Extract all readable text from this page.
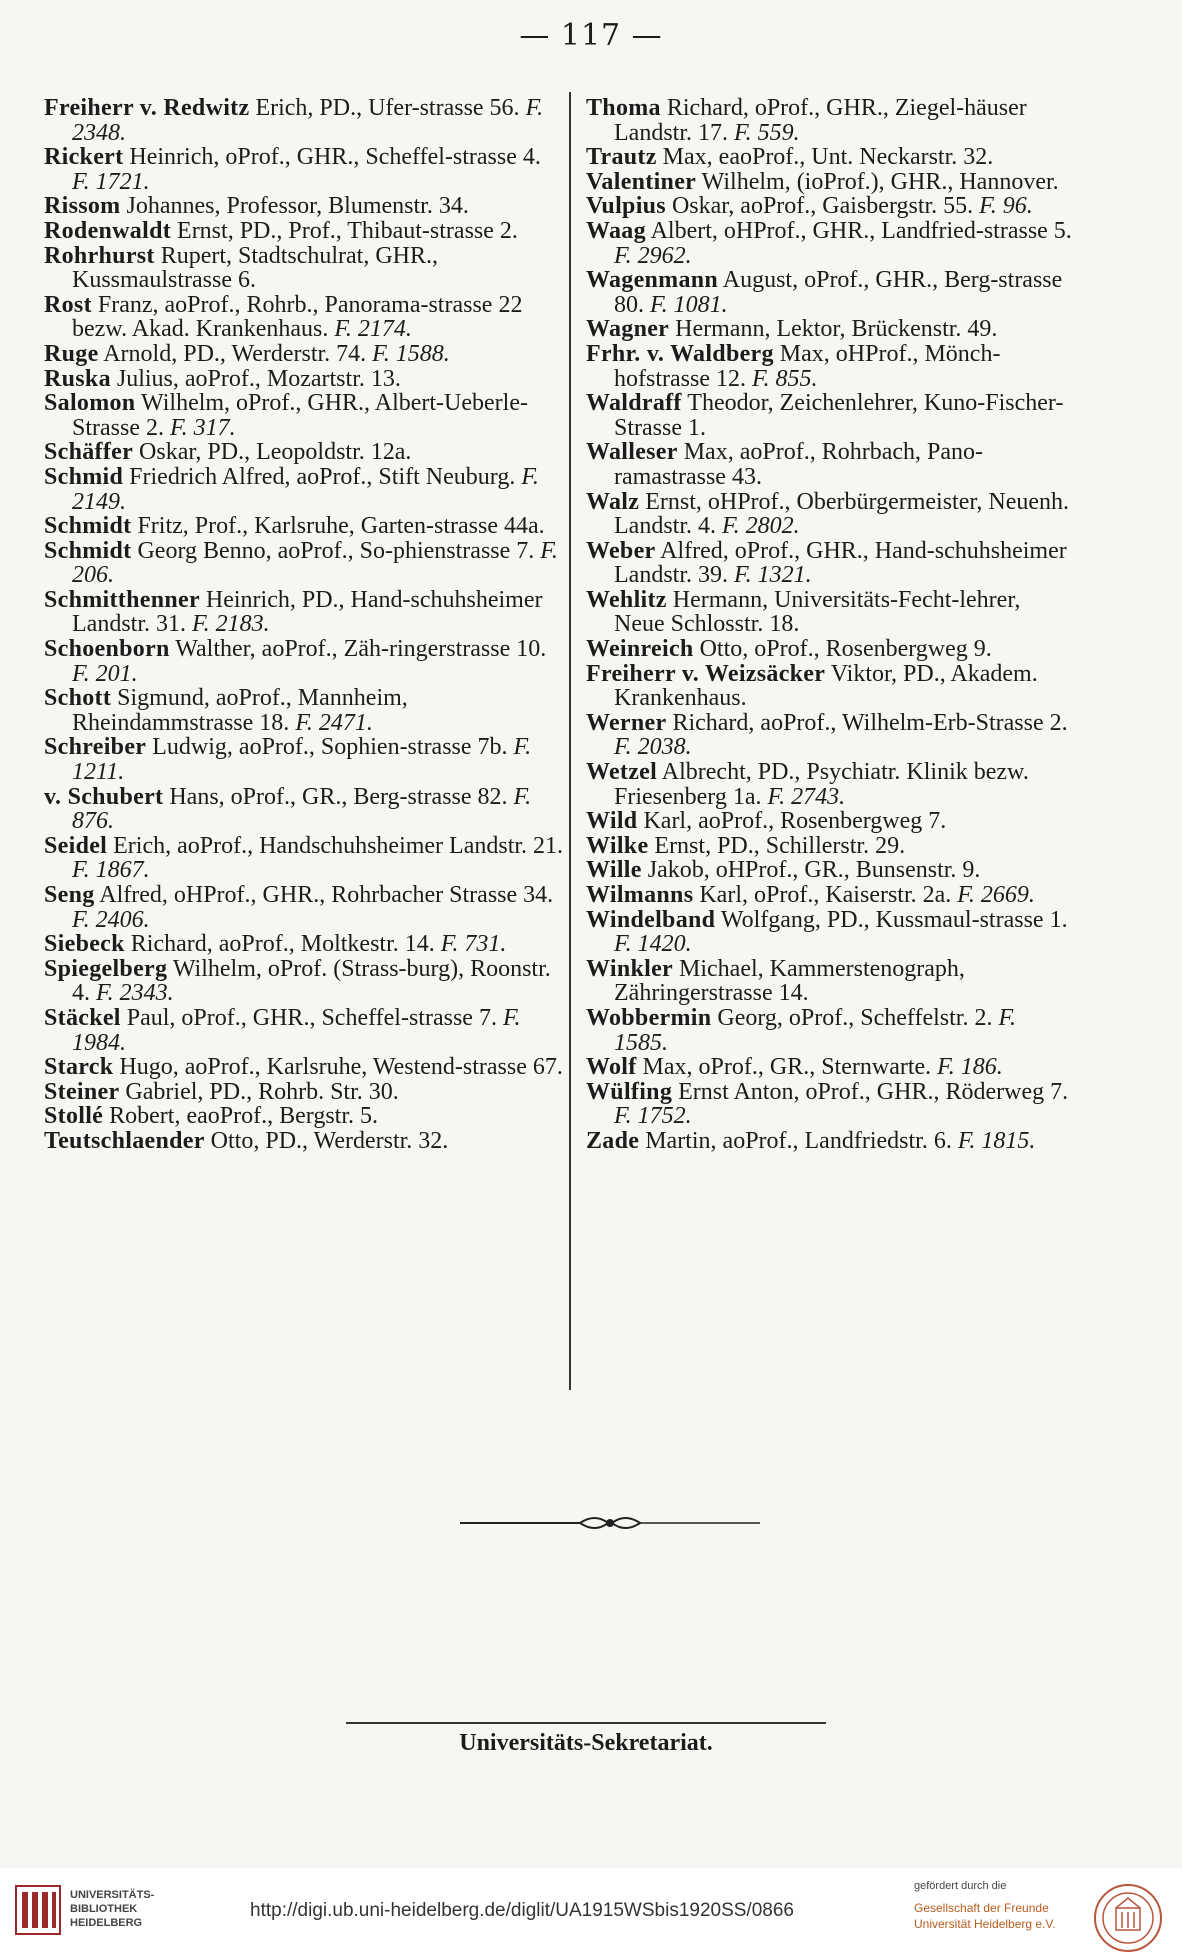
— 117 —
Freiherr v. Redwitz Erich, PD., Ufer-strasse 56. F. 2348.
Rickert Heinrich, oProf., GHR., Scheffel-strasse 4. F. 1721.
Rissom Johannes, Professor, Blumenstr. 34.
Rodenwaldt Ernst, PD., Prof., Thibaut-strasse 2.
Rohrhurst Rupert, Stadtschulrat, GHR., Kussmaulstrasse 6.
Rost Franz, aoProf., Rohrb., Panorama-strasse 22 bezw. Akad. Krankenhaus. F. 2174.
Ruge Arnold, PD., Werderstr. 74. F. 1588.
Ruska Julius, aoProf., Mozartstr. 13.
Salomon Wilhelm, oProf., GHR., Albert-Ueberle-Strasse 2. F. 317.
Schäffer Oskar, PD., Leopoldstr. 12a.
Schmid Friedrich Alfred, aoProf., Stift Neuburg. F. 2149.
Schmidt Fritz, Prof., Karlsruhe, Garten-strasse 44a.
Schmidt Georg Benno, aoProf., So-phienstrasse 7. F. 206.
Schmitthenner Heinrich, PD., Hand-schuhsheimer Landstr. 31. F. 2183.
Schoenborn Walther, aoProf., Zäh-ringerstrasse 10. F. 201.
Schott Sigmund, aoProf., Mannheim, Rheindammstrasse 18. F. 2471.
Schreiber Ludwig, aoProf., Sophien-strasse 7b. F. 1211.
v. Schubert Hans, oProf., GR., Berg-strasse 82. F. 876.
Seidel Erich, aoProf., Handschuhsheimer Landstr. 21. F. 1867.
Seng Alfred, oHProf., GHR., Rohrbacher Strasse 34. F. 2406.
Siebeck Richard, aoProf., Moltkestr. 14. F. 731.
Spiegelberg Wilhelm, oProf. (Strass-burg), Roonstr. 4. F. 2343.
Stäckel Paul, oProf., GHR., Scheffel-strasse 7. F. 1984.
Starck Hugo, aoProf., Karlsruhe, Westend-strasse 67.
Steiner Gabriel, PD., Rohrb. Str. 30.
Stollé Robert, eaoProf., Bergstr. 5.
Teutschlaender Otto, PD., Werderstr. 32.
Thoma Richard, oProf., GHR., Ziegel-häuser Landstr. 17. F. 559.
Trautz Max, eaoProf., Unt. Neckarstr. 32.
Valentiner Wilhelm, (ioProf.), GHR., Hannover.
Vulpius Oskar, aoProf., Gaisbergstr. 55. F. 96.
Waag Albert, oHProf., GHR., Landfried-strasse 5. F. 2962.
Wagenmann August, oProf., GHR., Berg-strasse 80. F. 1081.
Wagner Hermann, Lektor, Brückenstr. 49.
Frhr. v. Waldberg Max, oHProf., Mönch-hofstrasse 12. F. 855.
Waldraff Theodor, Zeichenlehrer, Kuno-Fischer-Strasse 1.
Walleser Max, aoProf., Rohrbach, Pano-ramastrasse 43.
Walz Ernst, oHProf., Oberbürgermeister, Neuenh. Landstr. 4. F. 2802.
Weber Alfred, oProf., GHR., Hand-schuhsheimer Landstr. 39. F. 1321.
Wehlitz Hermann, Universitäts-Fecht-lehrer, Neue Schlosstr. 18.
Weinreich Otto, oProf., Rosenbergweg 9.
Freiherr v. Weizsäcker Viktor, PD., Akadem. Krankenhaus.
Werner Richard, aoProf., Wilhelm-Erb-Strasse 2. F. 2038.
Wetzel Albrecht, PD., Psychiatr. Klinik bezw. Friesenberg 1a. F. 2743.
Wild Karl, aoProf., Rosenbergweg 7.
Wilke Ernst, PD., Schillerstr. 29.
Wille Jakob, oHProf., GR., Bunsenstr. 9.
Wilmanns Karl, oProf., Kaiserstr. 2a. F. 2669.
Windelband Wolfgang, PD., Kussmaul-strasse 1. F. 1420.
Winkler Michael, Kammerstenograph, Zähringerstrasse 14.
Wobbermin Georg, oProf., Scheffelstr. 2. F. 1585.
Wolf Max, oProf., GR., Sternwarte. F. 186.
Wülfing Ernst Anton, oProf., GHR., Röderweg 7. F. 1752.
Zade Martin, aoProf., Landfriedstr. 6. F. 1815.
Universitäts-Sekretariat.
UNIVERSITÄTS-
BIBLIOTHEK
HEIDELBERG
http://digi.ub.uni-heidelberg.de/diglit/UA1915WSbis1920SS/0866
gefördert durch die
Gesellschaft der Freunde
Universität Heidelberg e.V.
